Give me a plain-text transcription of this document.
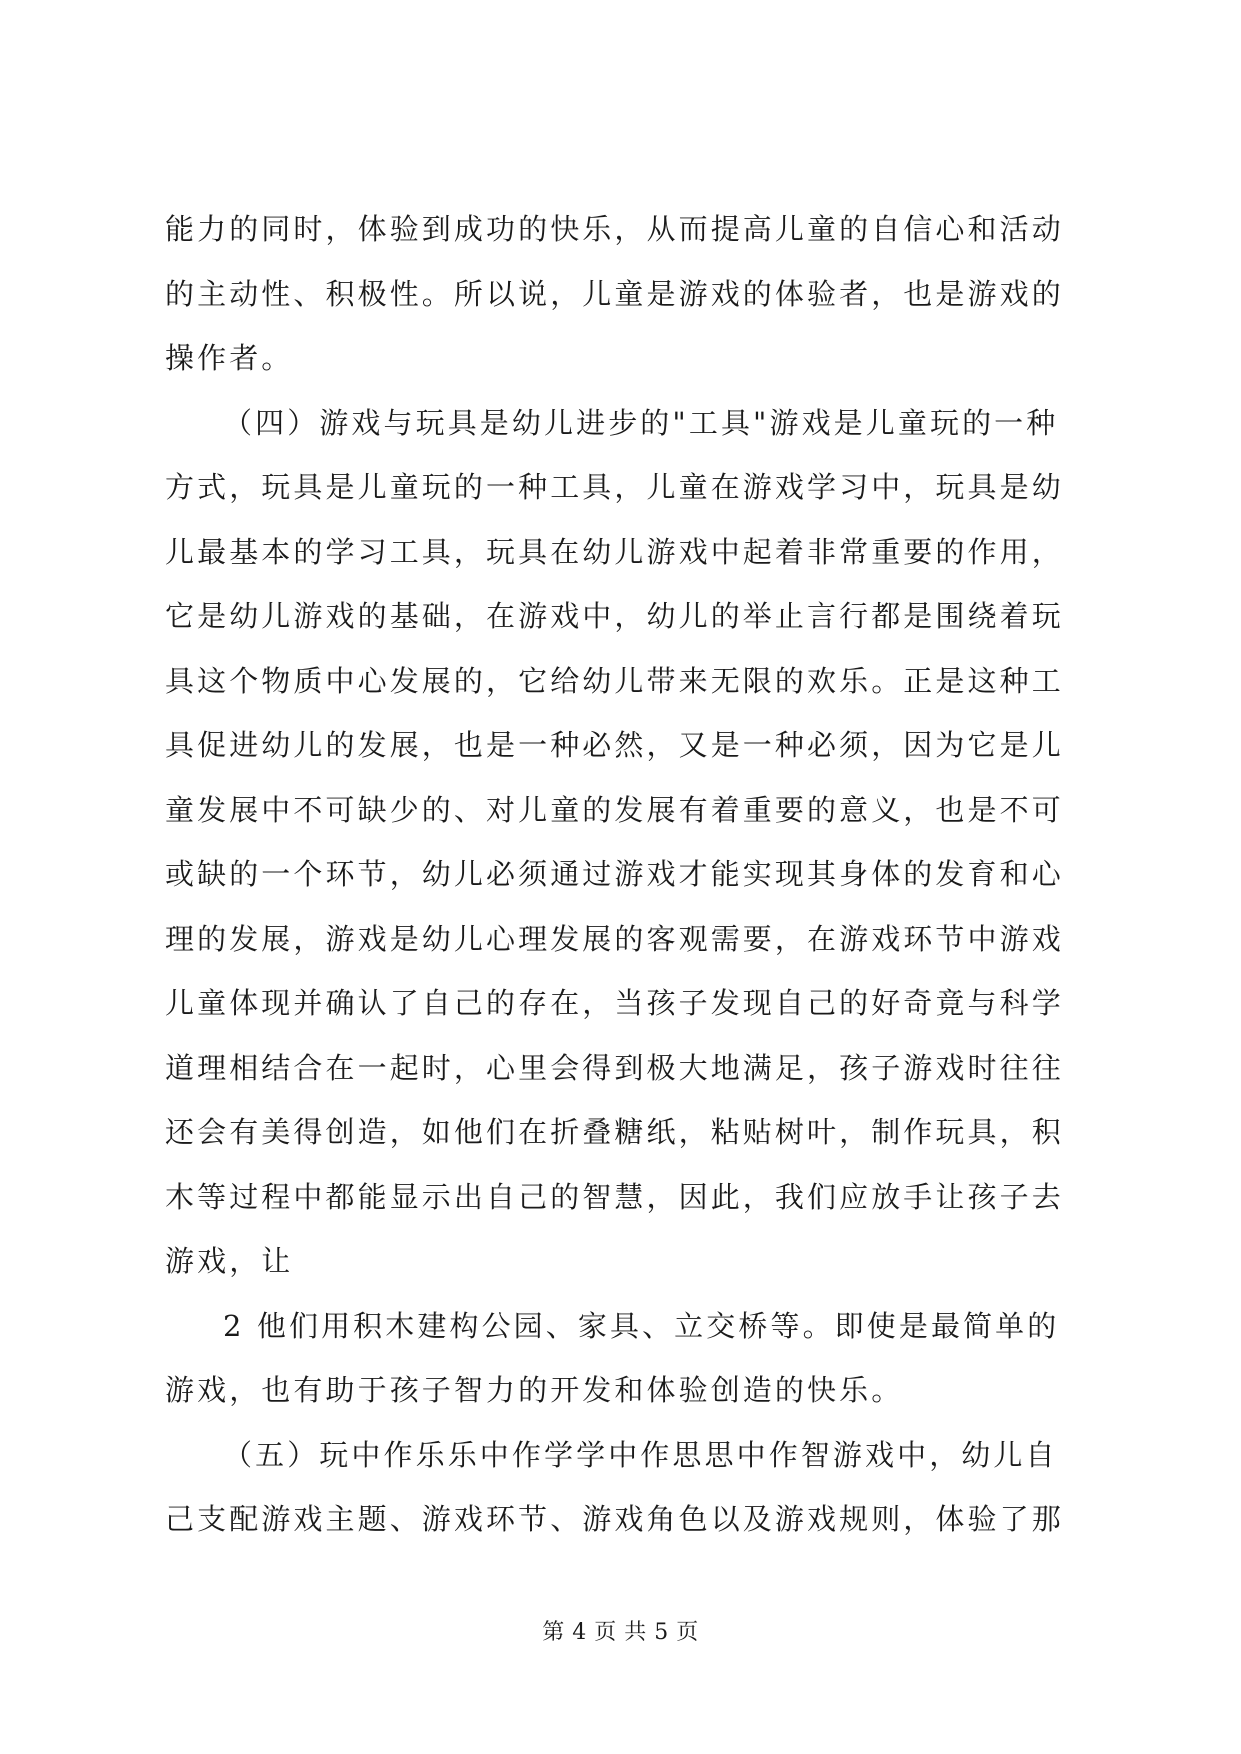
能力的同时，体验到成功的快乐，从而提高儿童的自信心和活动
的主动性、积极性。所以说，儿童是游戏的体验者，也是游戏的
操作者。
（四）游戏与玩具是幼儿进步的"工具"游戏是儿童玩的一种
方式，玩具是儿童玩的一种工具，儿童在游戏学习中，玩具是幼
儿最基本的学习工具，玩具在幼儿游戏中起着非常重要的作用，
它是幼儿游戏的基础，在游戏中，幼儿的举止言行都是围绕着玩
具这个物质中心发展的，它给幼儿带来无限的欢乐。正是这种工
具促进幼儿的发展，也是一种必然，又是一种必须，因为它是儿
童发展中不可缺少的、对儿童的发展有着重要的意义，也是不可
或缺的一个环节，幼儿必须通过游戏才能实现其身体的发育和心
理的发展，游戏是幼儿心理发展的客观需要，在游戏环节中游戏
儿童体现并确认了自己的存在，当孩子发现自己的好奇竟与科学
道理相结合在一起时，心里会得到极大地满足，孩子游戏时往往
还会有美得创造，如他们在折叠糖纸，粘贴树叶，制作玩具，积
木等过程中都能显示出自己的智慧，因此，我们应放手让孩子去
游戏，让
2 他们用积木建构公园、家具、立交桥等。即使是最简单的
游戏，也有助于孩子智力的开发和体验创造的快乐。
（五）玩中作乐乐中作学学中作思思中作智游戏中，幼儿自
己支配游戏主题、游戏环节、游戏角色以及游戏规则，体验了那
第 4 页 共 5 页
